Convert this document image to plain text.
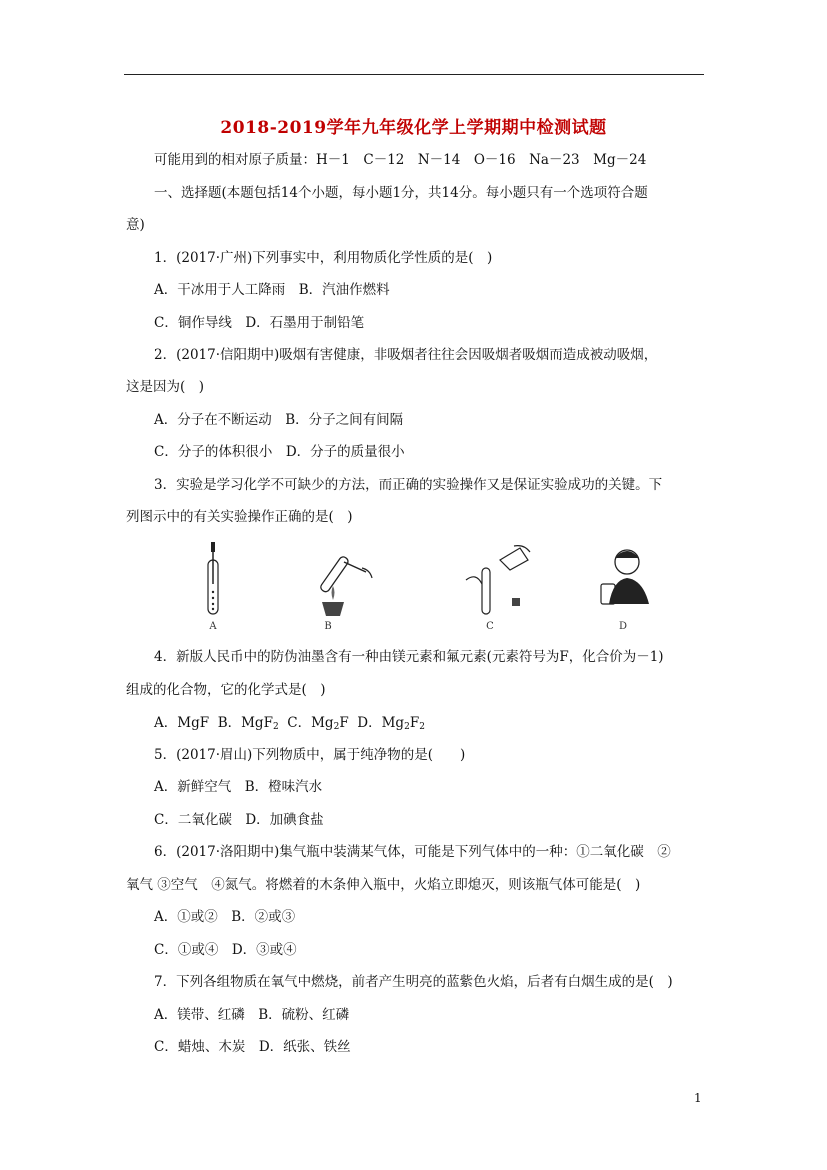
2018-2019学年九年级化学上学期期中检测试题
可能用到的相对原子质量：H－1　C－12　N－14　O－16　Na－23　Mg－24
一、选择题(本题包括14个小题，每小题1分，共14分。每小题只有一个选项符合题
意)
1．(2017·广州)下列事实中，利用物质化学性质的是(　)
A．干冰用于人工降雨　B．汽油作燃料
C．铜作导线　D．石墨用于制铅笔
2．(2017·信阳期中)吸烟有害健康，非吸烟者往往会因吸烟者吸烟而造成被动吸烟，
这是因为(　)
A．分子在不断运动　B．分子之间有间隔
C．分子的体积很小　D．分子的质量很小
3．实验是学习化学不可缺少的方法，而正确的实验操作又是保证实验成功的关键。下
列图示中的有关实验操作正确的是(　)
A	B	C	D
4．新版人民币中的防伪油墨含有一种由镁元素和氟元素(元素符号为F，化合价为－1)
组成的化合物，它的化学式是(　)
A．MgF B．MgF$_2$ C．$Mg_2F$ D．$Mg_2F_2$
5．(2017·眉山)下列物质中，属于纯净物的是(　　)
A．新鲜空气　B．橙味汽水
C．二氧化碳　D．加碘食盐
6．(2017·洛阳期中)集气瓶中装满某气体，可能是下列气体中的一种：①二氧化碳　②
氧气 ③空气　④氮气。将燃着的木条伸入瓶中，火焰立即熄灭，则该瓶气体可能是(　)
A．①或②　B．②或③
C．①或④　D．③或④
7．下列各组物质在氧气中燃烧，前者产生明亮的蓝紫色火焰，后者有白烟生成的是(　)
A．镁带、红磷　B．硫粉、红磷
C．蜡烛、木炭　D．纸张、铁丝
1
